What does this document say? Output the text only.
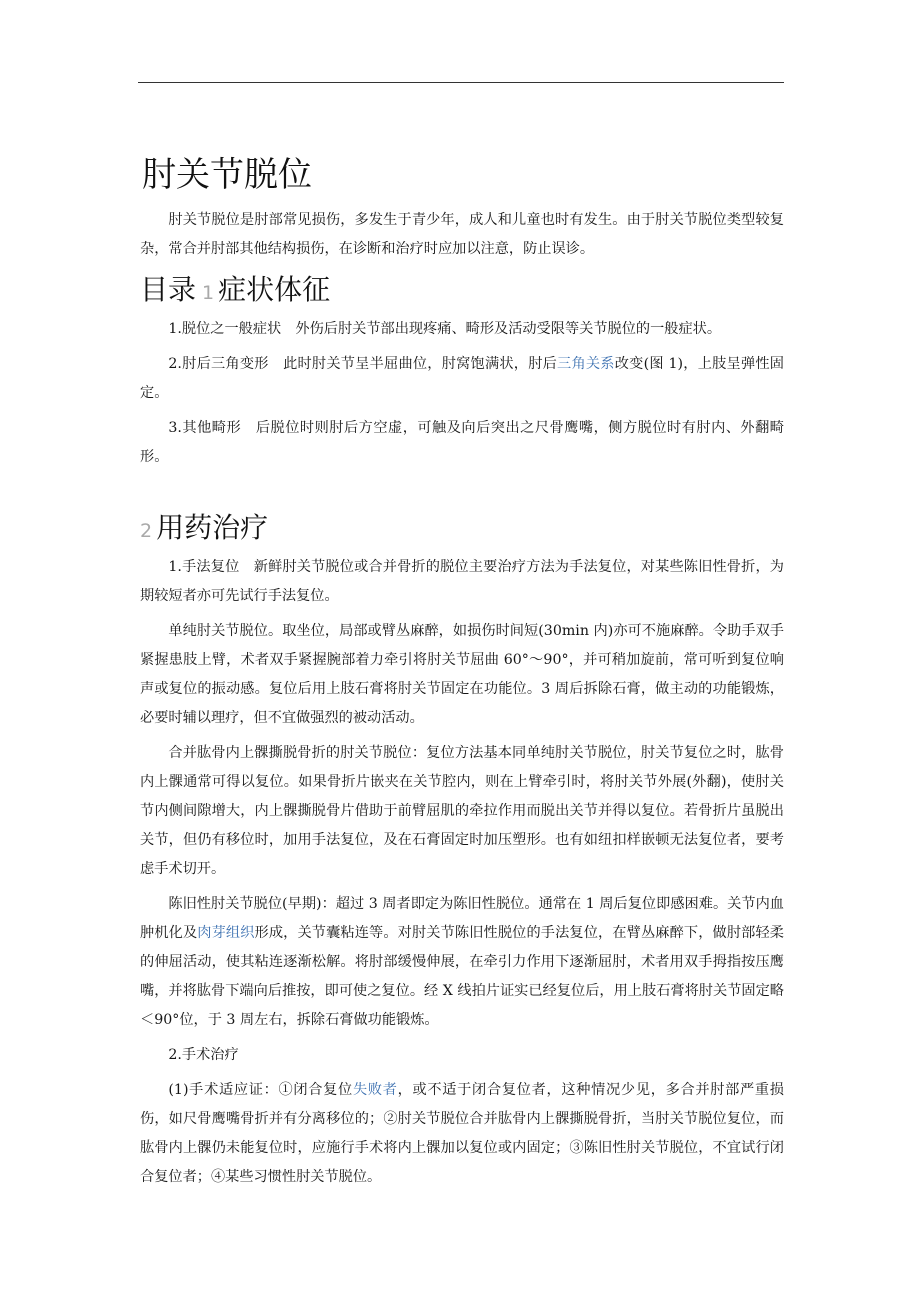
肘关节脱位

肘关节脱位是肘部常见损伤，多发生于青少年，成人和儿童也时有发生。由于肘关节脱位类型较复杂，常合并肘部其他结构损伤，在诊断和治疗时应加以注意，防止误诊。

目录 1 症状体征

1.脱位之一般症状　外伤后肘关节部出现疼痛、畸形及活动受限等关节脱位的一般症状。

2.肘后三角变形　此时肘关节呈半屈曲位，肘窝饱满状，肘后三角关系改变(图 1)，上肢呈弹性固定。

3.其他畸形　后脱位时则肘后方空虚，可触及向后突出之尺骨鹰嘴，侧方脱位时有肘内、外翻畸形。

2 用药治疗

1.手法复位　新鲜肘关节脱位或合并骨折的脱位主要治疗方法为手法复位，对某些陈旧性骨折，为期较短者亦可先试行手法复位。

单纯肘关节脱位。取坐位，局部或臂丛麻醉，如损伤时间短(30min 内)亦可不施麻醉。令助手双手紧握患肢上臂，术者双手紧握腕部着力牵引将肘关节屈曲 60°～90°，并可稍加旋前，常可听到复位响声或复位的振动感。复位后用上肢石膏将肘关节固定在功能位。3 周后拆除石膏，做主动的功能锻炼，必要时辅以理疗，但不宜做强烈的被动活动。

合并肱骨内上髁撕脱骨折的肘关节脱位：复位方法基本同单纯肘关节脱位，肘关节复位之时，肱骨内上髁通常可得以复位。如果骨折片嵌夹在关节腔内，则在上臂牵引时，将肘关节外展(外翻)，使肘关节内侧间隙增大，内上髁撕脱骨片借助于前臂屈肌的牵拉作用而脱出关节并得以复位。若骨折片虽脱出关节，但仍有移位时，加用手法复位，及在石膏固定时加压塑形。也有如纽扣样嵌顿无法复位者，要考虑手术切开。

陈旧性肘关节脱位(早期)：超过 3 周者即定为陈旧性脱位。通常在 1 周后复位即感困难。关节内血肿机化及肉芽组织形成，关节囊粘连等。对肘关节陈旧性脱位的手法复位，在臂丛麻醉下，做肘部轻柔的伸屈活动，使其粘连逐渐松解。将肘部缓慢伸展，在牵引力作用下逐渐屈肘，术者用双手拇指按压鹰嘴，并将肱骨下端向后推按，即可使之复位。经 X 线拍片证实已经复位后，用上肢石膏将肘关节固定略＜90°位，于 3 周左右，拆除石膏做功能锻炼。

2.手术治疗

(1)手术适应证：①闭合复位失败者，或不适于闭合复位者，这种情况少见，多合并肘部严重损伤，如尺骨鹰嘴骨折并有分离移位的；②肘关节脱位合并肱骨内上髁撕脱骨折，当肘关节脱位复位，而肱骨内上髁仍未能复位时，应施行手术将内上髁加以复位或内固定；③陈旧性肘关节脱位，不宜试行闭合复位者；④某些习惯性肘关节脱位。
